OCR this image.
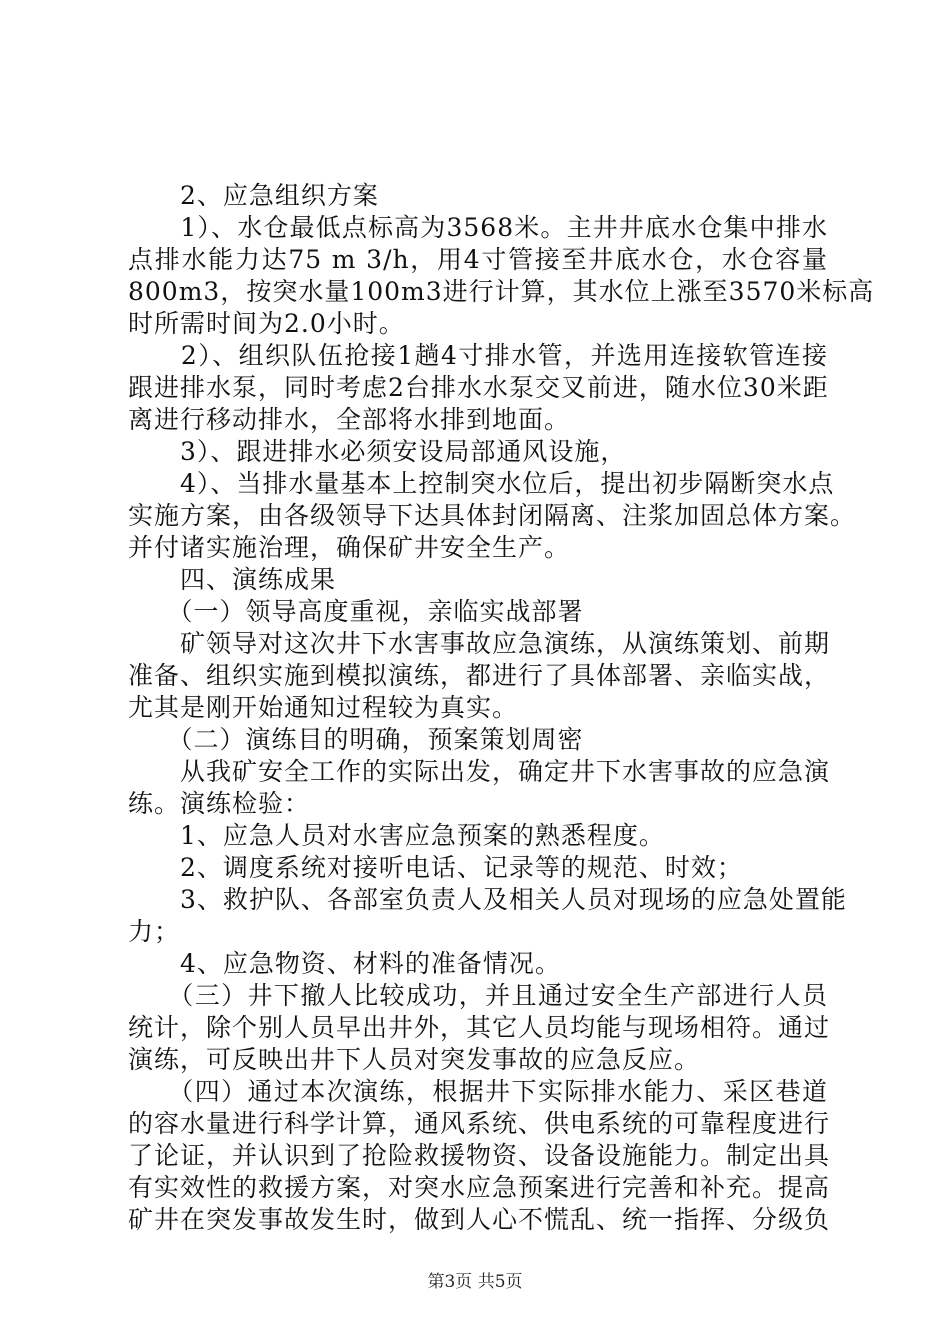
　　2、应急组织方案
　　1）、水仓最低点标高为3568米。主井井底水仓集中排水
点排水能力达75 m 3/h，用4寸管接至井底水仓，水仓容量
800m3，按突水量100m3进行计算，其水位上涨至3570米标高
时所需时间为2.0小时。
　　2）、组织队伍抢接1趟4寸排水管，并选用连接软管连接
跟进排水泵，同时考虑2台排水水泵交叉前进，随水位30米距
离进行移动排水，全部将水排到地面。
　　3）、跟进排水必须安设局部通风设施，
　　4）、当排水量基本上控制突水位后，提出初步隔断突水点
实施方案，由各级领导下达具体封闭隔离、注浆加固总体方案。
并付诸实施治理，确保矿井安全生产。
　　四、演练成果
　　（一）领导高度重视，亲临实战部署
　　矿领导对这次井下水害事故应急演练，从演练策划、前期
准备、组织实施到模拟演练，都进行了具体部署、亲临实战，
尤其是刚开始通知过程较为真实。
　　（二）演练目的明确，预案策划周密
　　从我矿安全工作的实际出发，确定井下水害事故的应急演
练。演练检验：
　　1、应急人员对水害应急预案的熟悉程度。
　　2、调度系统对接听电话、记录等的规范、时效；
　　3、救护队、各部室负责人及相关人员对现场的应急处置能
力；
　　4、应急物资、材料的准备情况。
　　（三）井下撤人比较成功，并且通过安全生产部进行人员
统计，除个别人员早出井外，其它人员均能与现场相符。通过
演练，可反映出井下人员对突发事故的应急反应。
　　（四）通过本次演练，根据井下实际排水能力、采区巷道
的容水量进行科学计算，通风系统、供电系统的可靠程度进行
了论证，并认识到了抢险救援物资、设备设施能力。制定出具
有实效性的救援方案，对突水应急预案进行完善和补充。提高
矿井在突发事故发生时，做到人心不慌乱、统一指挥、分级负
第3页 共5页
